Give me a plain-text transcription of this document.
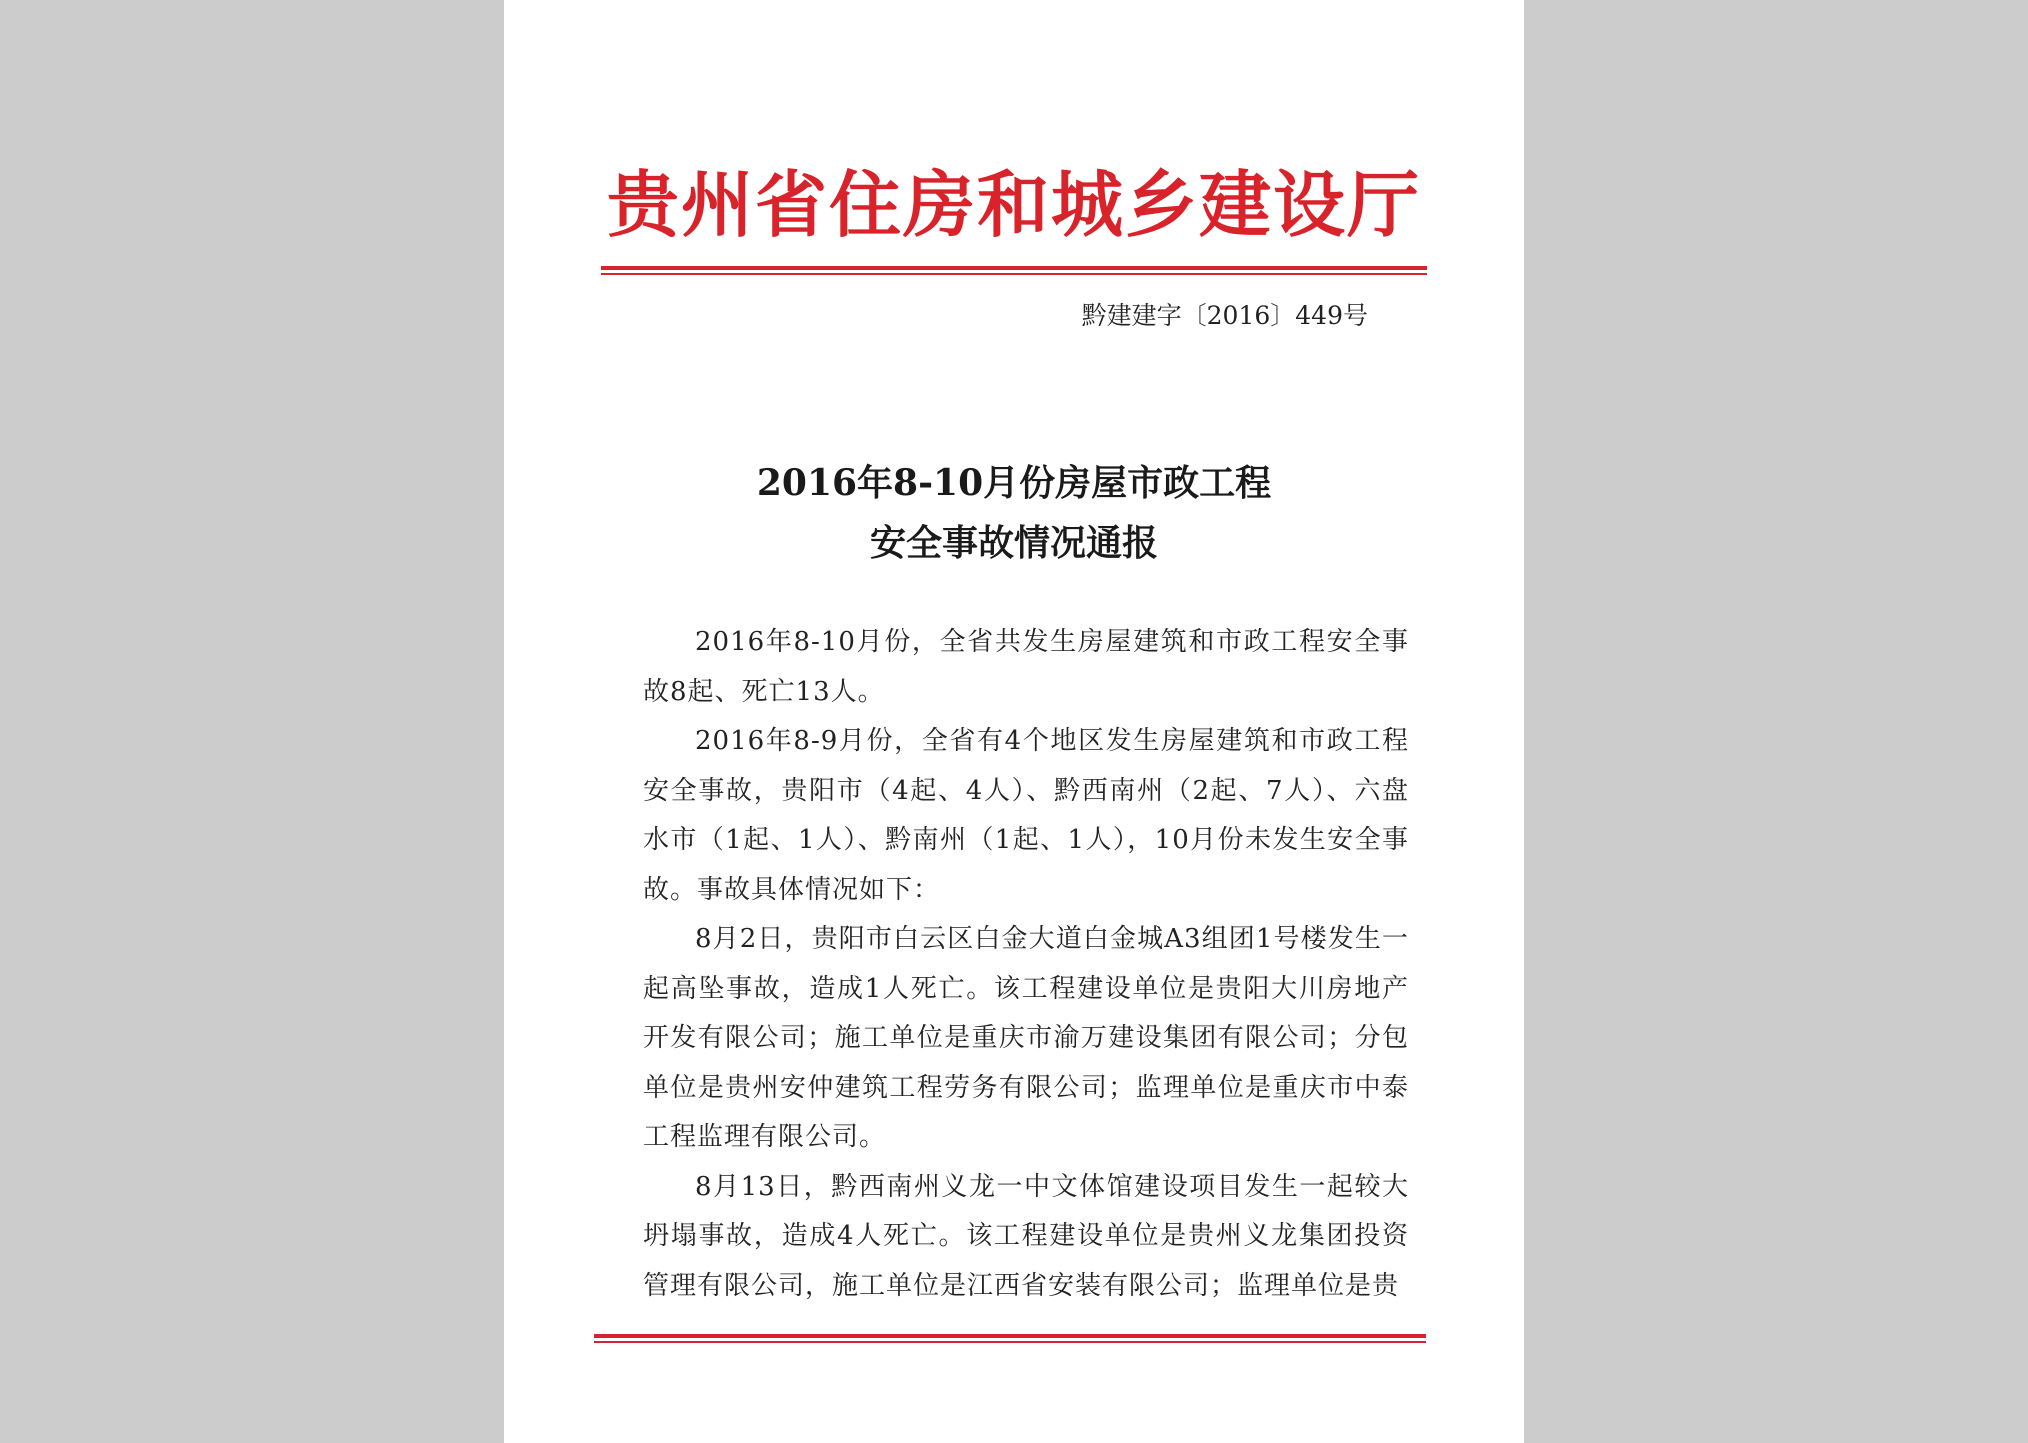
贵州省住房和城乡建设厅
黔建建字〔2016〕449号
2016年8-10月份房屋市政工程
安全事故情况通报

2016年8-10月份，全省共发生房屋建筑和市政工程安全事故8起、死亡13人。

2016年8-9月份，全省有4个地区发生房屋建筑和市政工程安全事故，贵阳市（4起、4人）、黔西南州（2起、7人）、六盘水市（1起、1人）、黔南州（1起、1人），10月份未发生安全事故。事故具体情况如下：

8月2日，贵阳市白云区白金大道白金城A3组团1号楼发生一起高坠事故，造成1人死亡。该工程建设单位是贵阳大川房地产开发有限公司；施工单位是重庆市渝万建设集团有限公司；分包单位是贵州安仲建筑工程劳务有限公司；监理单位是重庆市中泰工程监理有限公司。

8月13日，黔西南州义龙一中文体馆建设项目发生一起较大坍塌事故，造成4人死亡。该工程建设单位是贵州义龙集团投资管理有限公司，施工单位是江西省安装有限公司；监理单位是贵
